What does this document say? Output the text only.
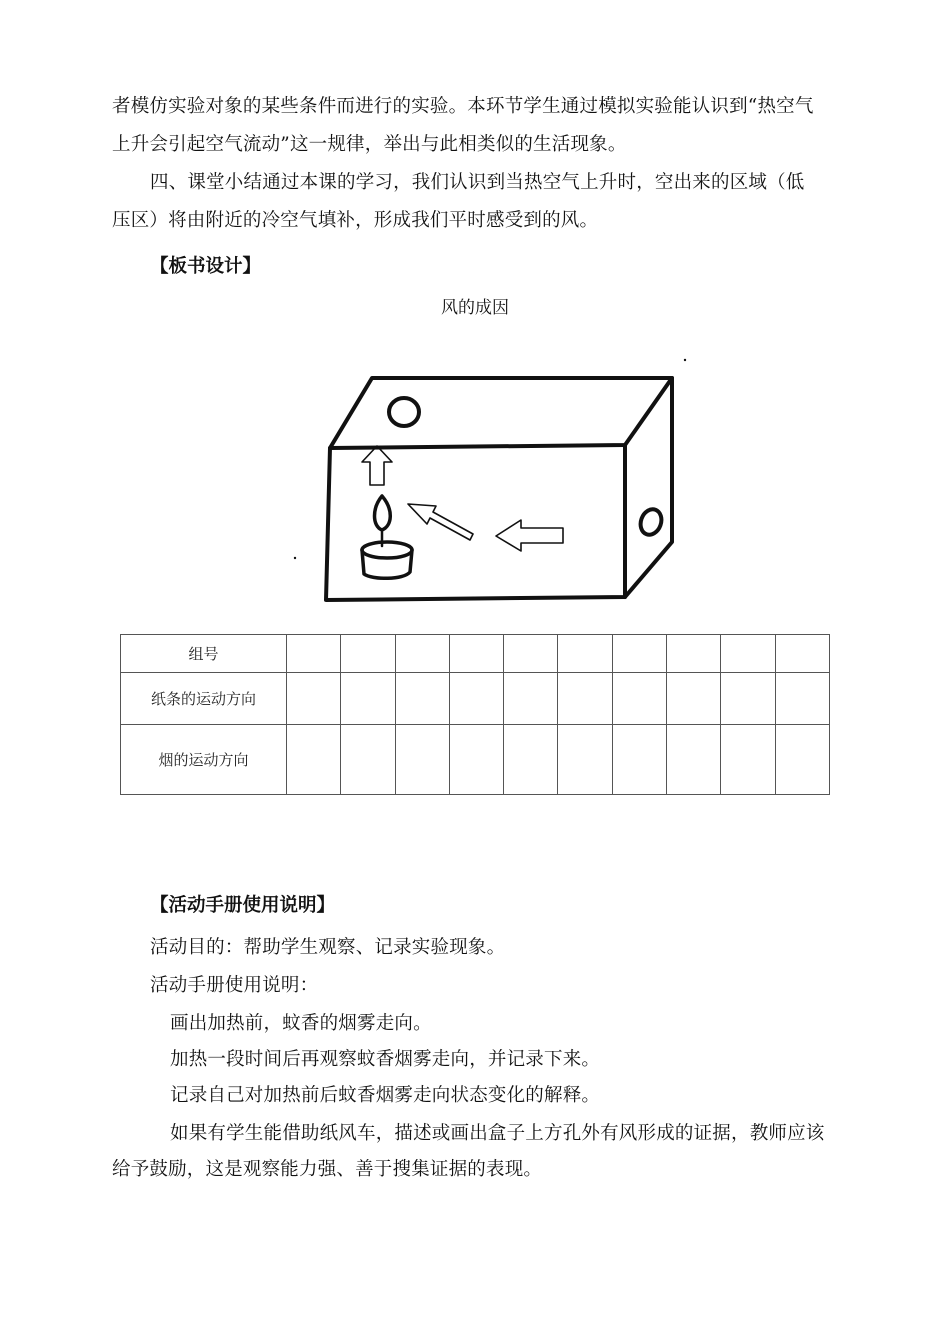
者模仿实验对象的某些条件而进行的实验。本环节学生通过模拟实验能认识到“热空气
上升会引起空气流动”这一规律，举出与此相类似的生活现象。
四、课堂小结通过本课的学习，我们认识到当热空气上升时，空出来的区域（低
压区）将由附近的冷空气填补，形成我们平时感受到的风。
【板书设计】
风的成因
组号										
纸条的运动方向										
烟的运动方向										
【活动手册使用说明】
活动目的：帮助学生观察、记录实验现象。
活动手册使用说明：
画出加热前，蚊香的烟雾走向。
加热一段时间后再观察蚊香烟雾走向，并记录下来。
记录自己对加热前后蚊香烟雾走向状态变化的解释。
如果有学生能借助纸风车，描述或画出盒子上方孔外有风形成的证据，教师应该
给予鼓励，这是观察能力强、善于搜集证据的表现。
